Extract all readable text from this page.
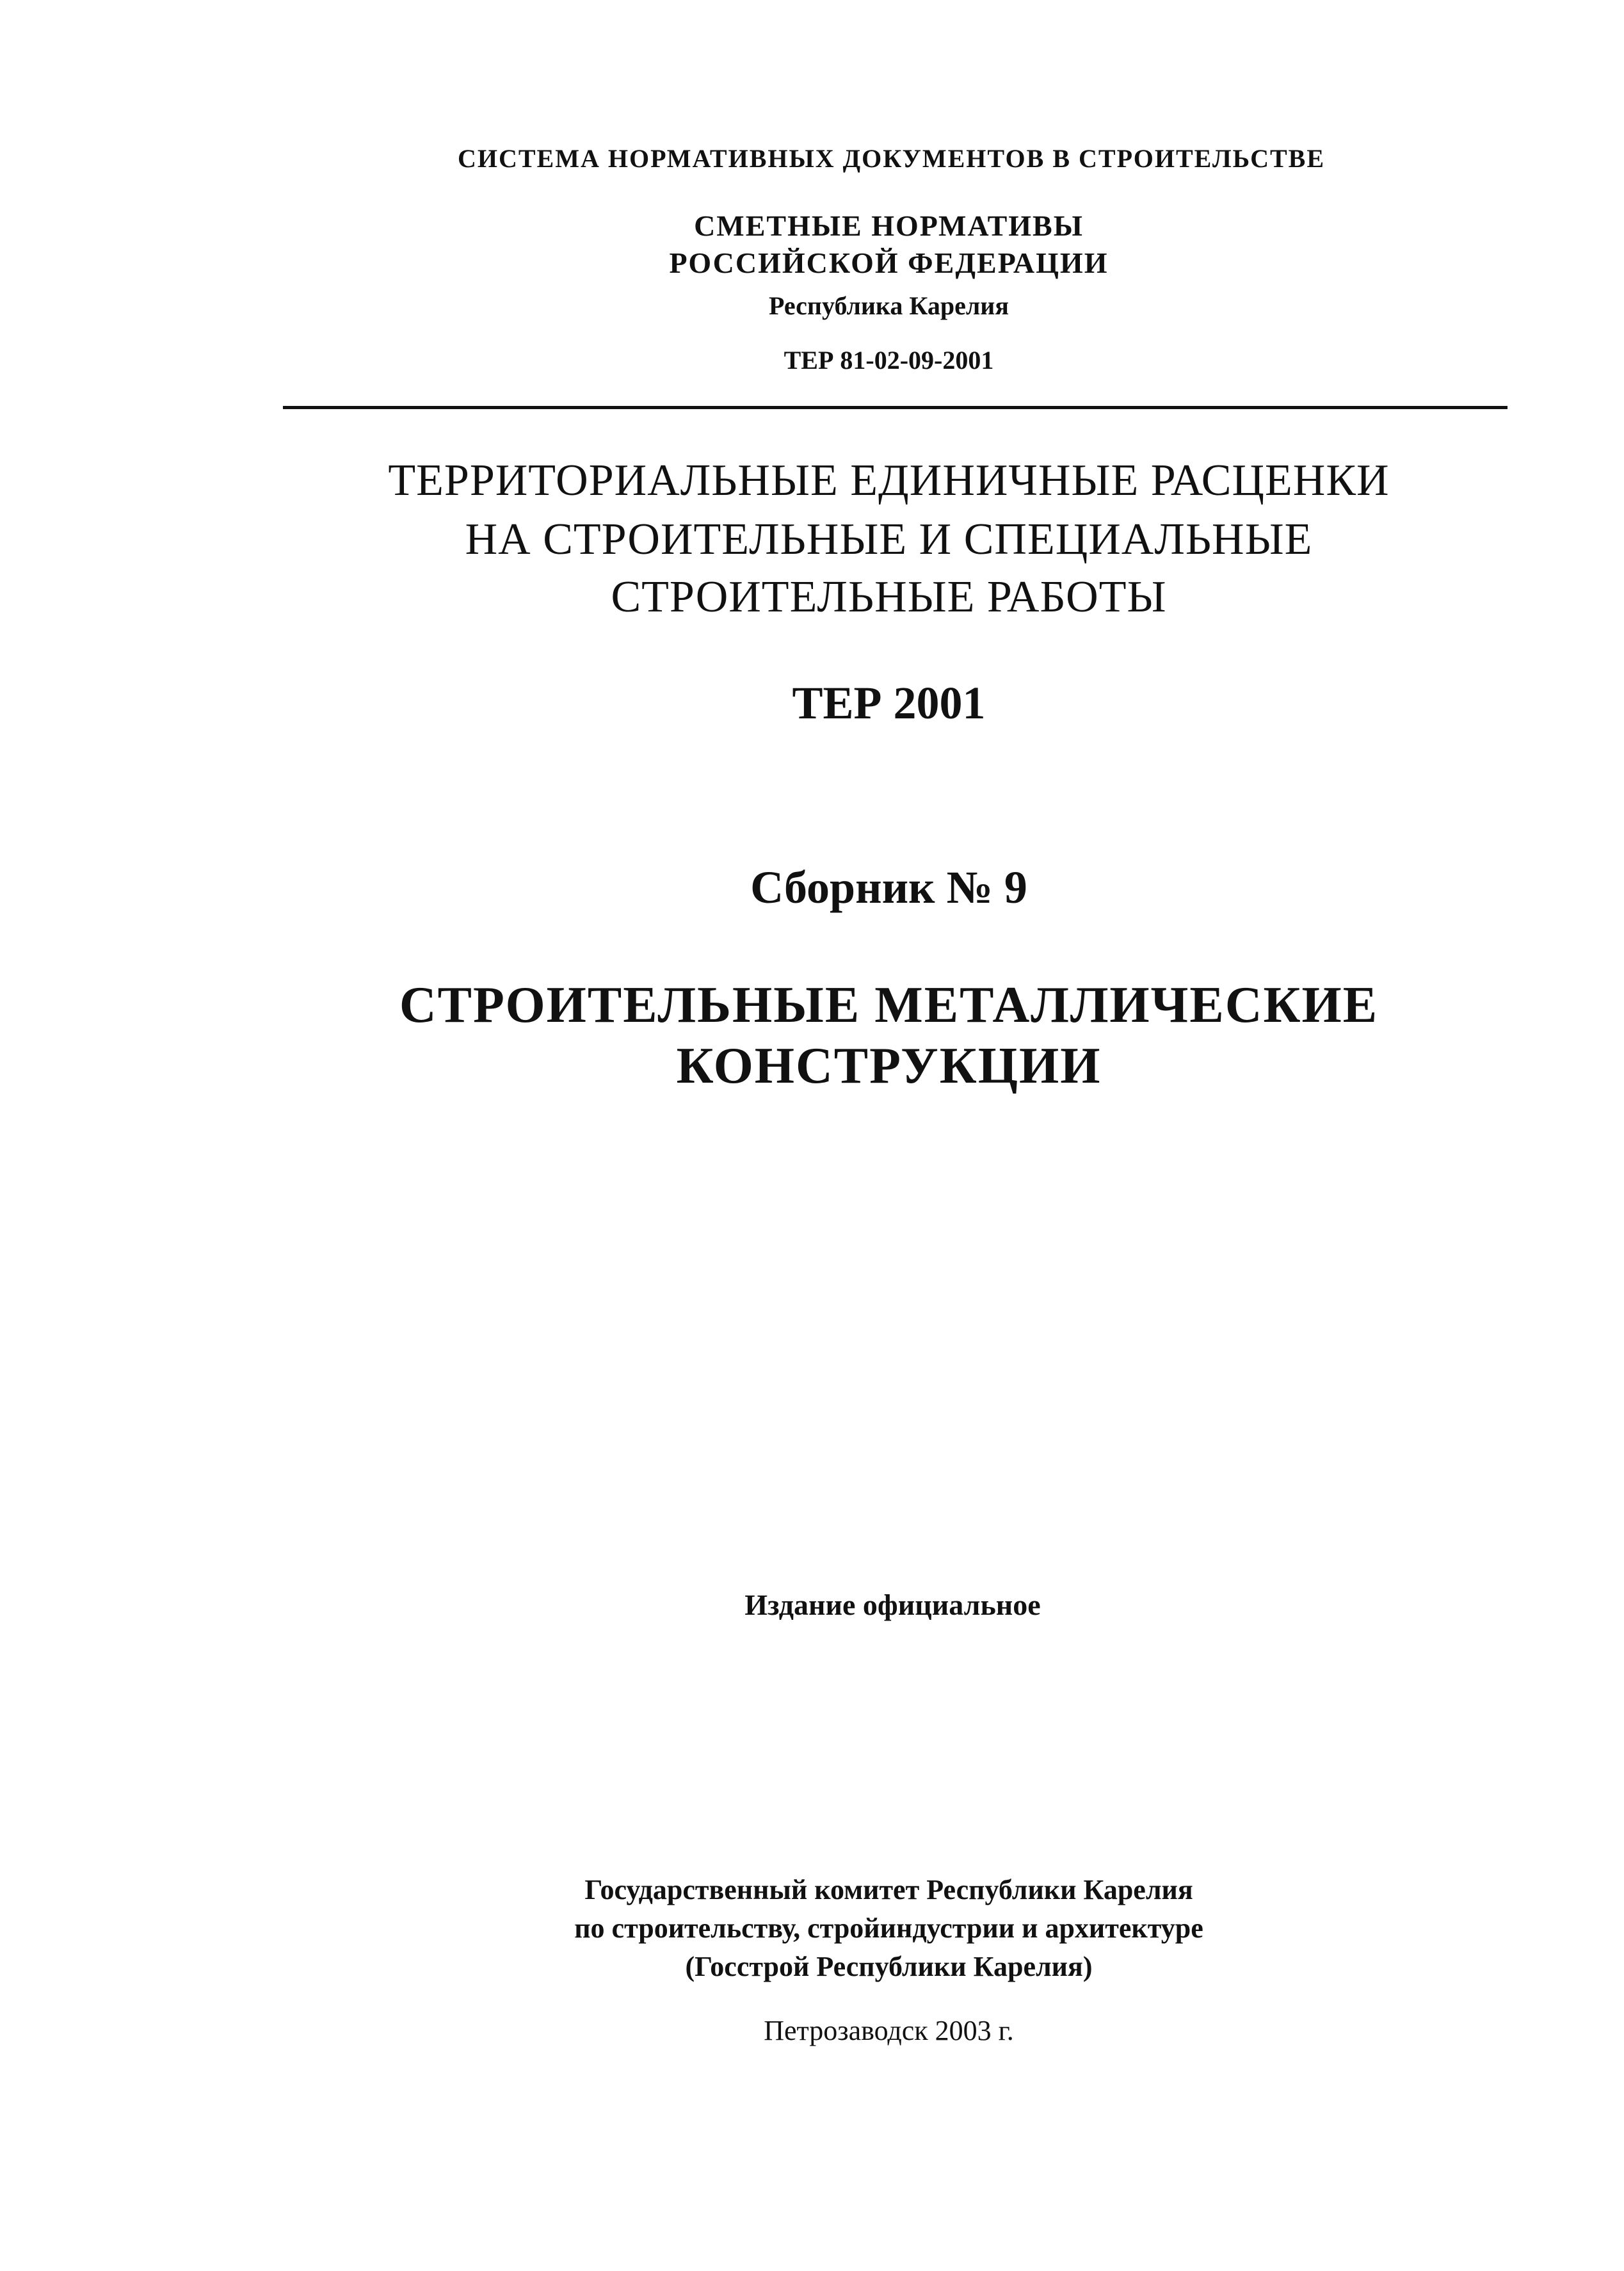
СИСТЕМА НОРМАТИВНЫХ ДОКУМЕНТОВ В СТРОИТЕЛЬСТВЕ
СМЕТНЫЕ НОРМАТИВЫ
РОССИЙСКОЙ ФЕДЕРАЦИИ
Республика Карелия
ТЕР 81-02-09-2001
ТЕРРИТОРИАЛЬНЫЕ ЕДИНИЧНЫЕ РАСЦЕНКИ
НА СТРОИТЕЛЬНЫЕ И СПЕЦИАЛЬНЫЕ
СТРОИТЕЛЬНЫЕ РАБОТЫ
ТЕР 2001
Сборник № 9
СТРОИТЕЛЬНЫЕ МЕТАЛЛИЧЕСКИЕ
КОНСТРУКЦИИ
Издание официальное
Государственный комитет Республики Карелия
по строительству, стройиндустрии и архитектуре
(Госстрой Республики Карелия)
Петрозаводск 2003 г.
